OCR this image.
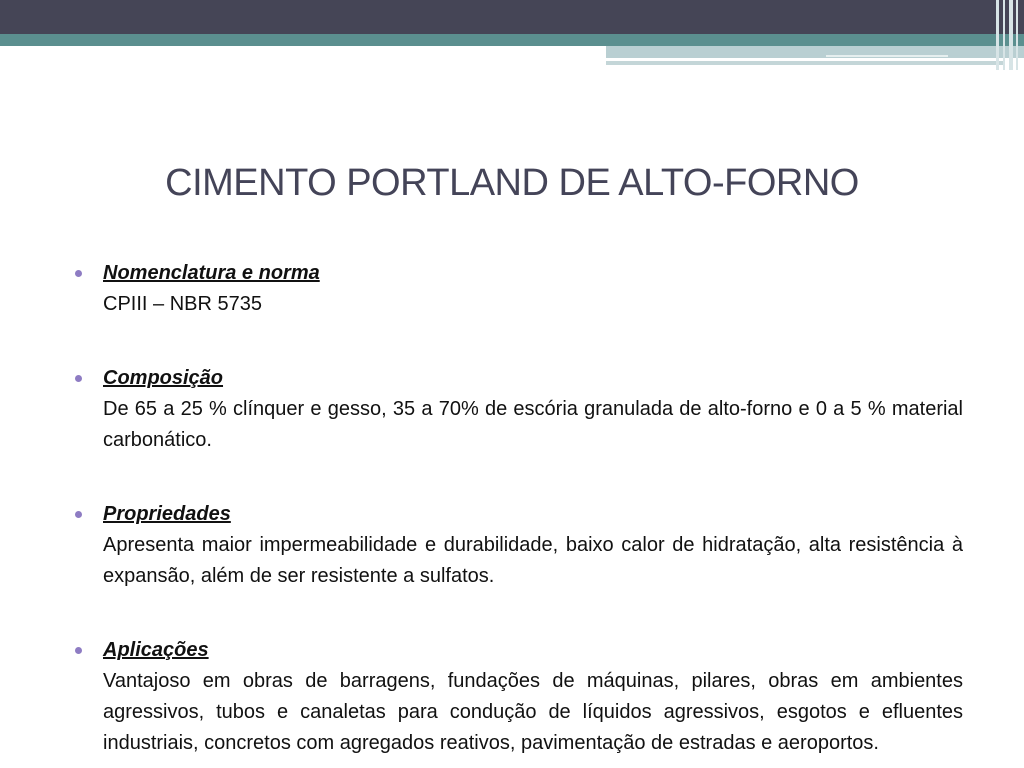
CIMENTO PORTLAND DE ALTO-FORNO
Nomenclatura e norma
CPIII – NBR 5735
Composição
De 65 a 25 % clínquer e gesso, 35 a 70% de escória granulada de alto-forno e 0 a 5 % material carbonático.
Propriedades
Apresenta maior impermeabilidade e durabilidade, baixo calor de hidratação, alta resistência à expansão, além de ser resistente a sulfatos.
Aplicações
Vantajoso em obras de barragens, fundações de máquinas, pilares, obras em ambientes agressivos, tubos e canaletas para condução de líquidos agressivos, esgotos e efluentes industriais, concretos com agregados reativos, pavimentação de estradas e aeroportos.
